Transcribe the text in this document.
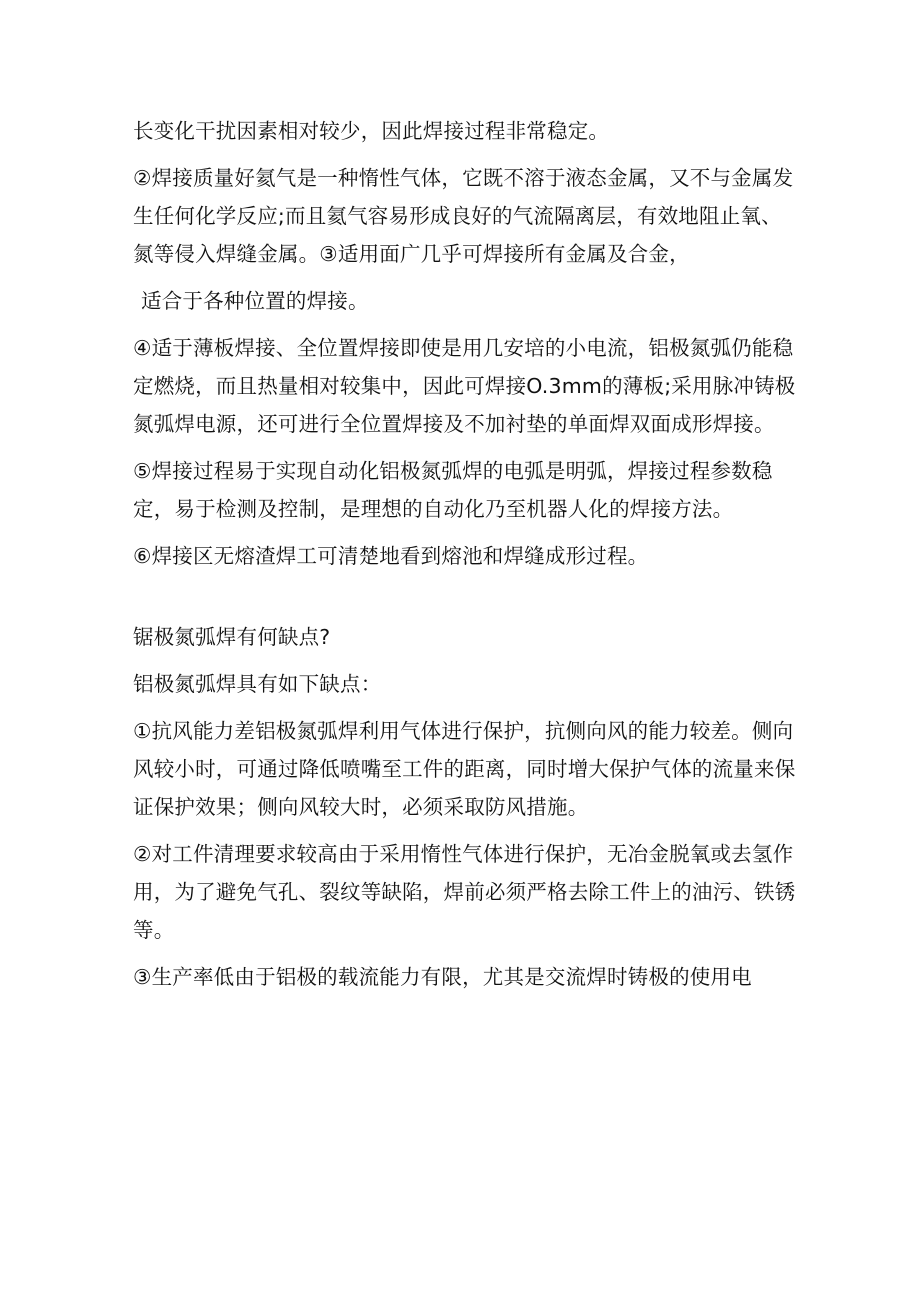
长变化干扰因素相对较少，因此焊接过程非常稳定。

②焊接质量好氦气是一种惰性气体，它既不溶于液态金属，又不与金属发生任何化学反应;而且氦气容易形成良好的气流隔离层，有效地阻止氧、氮等侵入焊缝金属。③适用面广几乎可焊接所有金属及合金，

适合于各种位置的焊接。

④适于薄板焊接、全位置焊接即使是用几安培的小电流，铝极氮弧仍能稳定燃烧，而且热量相对较集中，因此可焊接O.3mm的薄板;采用脉冲铸极氮弧焊电源，还可进行全位置焊接及不加衬垫的单面焊双面成形焊接。

⑤焊接过程易于实现自动化铝极氮弧焊的电弧是明弧，焊接过程参数稳定，易于检测及控制，是理想的自动化乃至机器人化的焊接方法。

⑥焊接区无熔渣焊工可清楚地看到熔池和焊缝成形过程。

锯极氮弧焊有何缺点?

铝极氮弧焊具有如下缺点：

①抗风能力差铝极氮弧焊利用气体进行保护，抗侧向风的能力较差。侧向风较小时，可通过降低喷嘴至工件的距离，同时增大保护气体的流量来保证保护效果；侧向风较大时，必须采取防风措施。

②对工件清理要求较高由于采用惰性气体进行保护，无冶金脱氧或去氢作用，为了避免气孔、裂纹等缺陷，焊前必须严格去除工件上的油污、铁锈等。

③生产率低由于铝极的载流能力有限，尤其是交流焊时铸极的使用电
